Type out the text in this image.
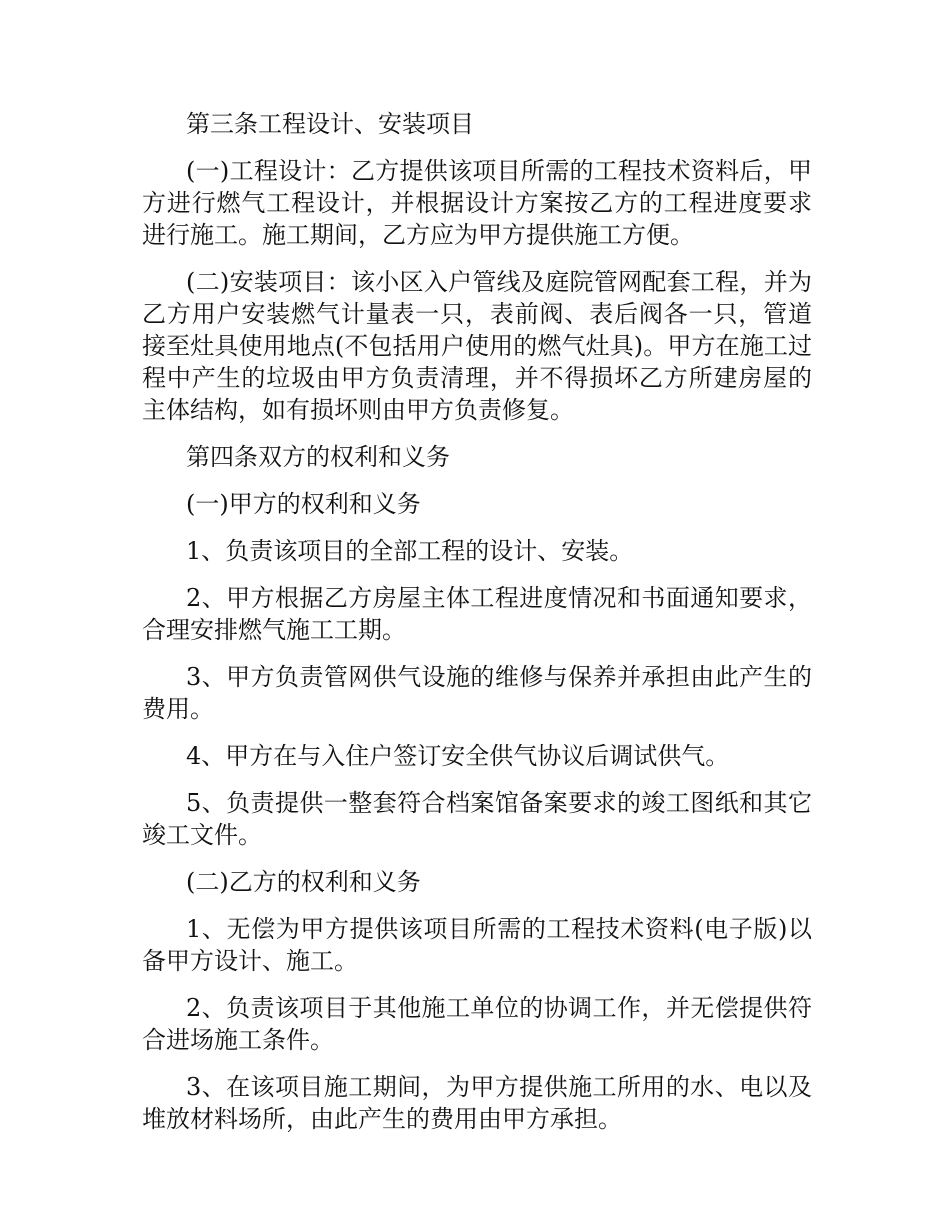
第三条工程设计、安装项目

(一)工程设计：乙方提供该项目所需的工程技术资料后，甲方进行燃气工程设计，并根据设计方案按乙方的工程进度要求进行施工。施工期间，乙方应为甲方提供施工方便。

(二)安装项目：该小区入户管线及庭院管网配套工程，并为乙方用户安装燃气计量表一只，表前阀、表后阀各一只，管道接至灶具使用地点(不包括用户使用的燃气灶具)。甲方在施工过程中产生的垃圾由甲方负责清理，并不得损坏乙方所建房屋的主体结构，如有损坏则由甲方负责修复。

第四条双方的权利和义务

(一)甲方的权利和义务

1、负责该项目的全部工程的设计、安装。

2、甲方根据乙方房屋主体工程进度情况和书面通知要求，合理安排燃气施工工期。

3、甲方负责管网供气设施的维修与保养并承担由此产生的费用。

4、甲方在与入住户签订安全供气协议后调试供气。

5、负责提供一整套符合档案馆备案要求的竣工图纸和其它竣工文件。

(二)乙方的权利和义务

1、无偿为甲方提供该项目所需的工程技术资料(电子版)以备甲方设计、施工。

2、负责该项目于其他施工单位的协调工作，并无偿提供符合进场施工条件。

3、在该项目施工期间，为甲方提供施工所用的水、电以及堆放材料场所，由此产生的费用由甲方承担。
